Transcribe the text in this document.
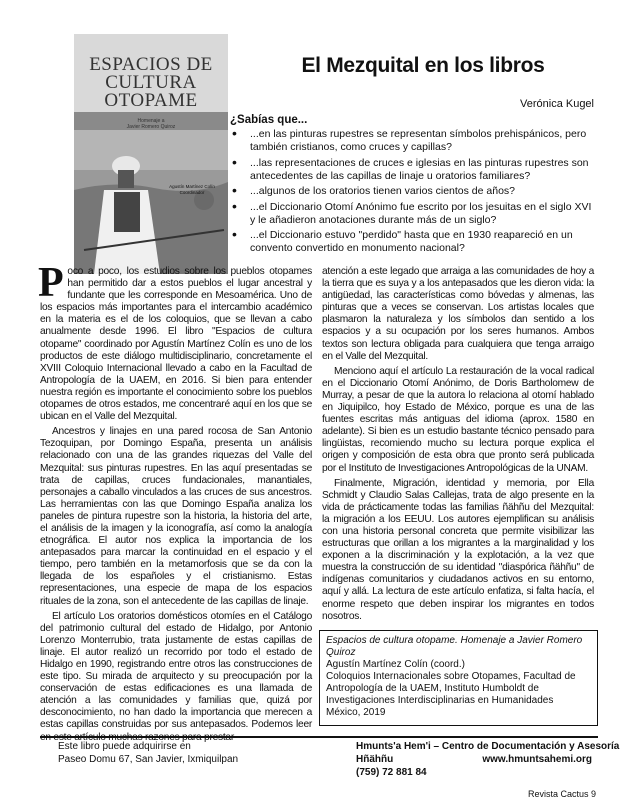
ESPACIOS DE CULTURA OTOPAME
Homenaje a
Javier Romero Quiroz
Agustín Martínez Colín
Coordinador
El Mezquital en los libros
Verónica Kugel
¿Sabías que...
• ...en las pinturas rupestres se representan símbolos prehispánicos, pero también cristianos, como cruces y capillas?
• ...las representaciones de cruces e iglesias en las pinturas rupestres son antecedentes de las capillas de linaje u oratorios familiares?
• ...algunos de los oratorios tienen varios cientos de años?
• ...el Diccionario Otomí Anónimo fue escrito por los jesuitas en el siglo XVI y le añadieron anotaciones durante más de un siglo?
• ...el Diccionario estuvo "perdido" hasta que en 1930 reapareció en un convento convertido en monumento nacional?

Poco a poco, los estudios sobre los pueblos otopames han permitido dar a estos pueblos el lugar ancestral y fundante que les corresponde en Mesoamérica. Uno de los espacios más importantes para el intercambio académico en la materia es el de los coloquios, que se llevan a cabo anualmente desde 1996. El libro "Espacios de cultura otopame" coordinado por Agustín Martínez Colín es uno de los productos de este diálogo multidisciplinario, concretamente el XVIII Coloquio Internacional llevado a cabo en la Facultad de Antropología de la UAEM, en 2016. Si bien para entender nuestra región es importante el conocimiento sobre los pueblos otopames de otros estados, me concentraré aquí en los que se ubican en el Valle del Mezquital.

Ancestros y linajes en una pared rocosa de San Antonio Tezoquipan, por Domingo España, presenta un análisis relacionado con una de las grandes riquezas del Valle del Mezquital: sus pinturas rupestres. En las aquí presentadas se trata de capillas, cruces fundacionales, manantiales, personajes a caballo vinculados a las cruces de sus ancestros. Las herramientas con las que Domingo España analiza los paneles de pintura rupestre son la historia, la historia del arte, el análisis de la imagen y la iconografía, así como la analogía etnográfica. El autor nos explica la importancia de los antepasados para marcar la continuidad en el espacio y el tiempo, pero también en la metamorfosis que se da con la llegada de los españoles y el cristianismo. Estas representaciones, una especie de mapa de los espacios rituales de la zona, son el antecedente de las capillas de linaje.

El artículo Los oratorios domésticos otomíes en el Catálogo del patrimonio cultural del estado de Hidalgo, por Antonio Lorenzo Monterrubio, trata justamente de estas capillas de linaje. El autor realizó un recorrido por todo el estado de Hidalgo en 1990, registrando entre otros las construcciones de este tipo. Su mirada de arquitecto y su preocupación por la conservación de estas edificaciones es una llamada de atención a las comunidades y familias que, quizá por desconocimiento, no han dado la importancia que merecen a estas capillas construidas por sus antepasados. Podemos leer en este artículo muchas razones para prestar

atención a este legado que arraiga a las comunidades de hoy a la tierra que es suya y a los antepasados que les dieron vida: la antigüedad, las características como bóvedas y almenas, las pinturas que a veces se conservan. Los artistas locales que plasmaron la naturaleza y los símbolos dan sentido a los espacios y a su ocupación por los seres humanos. Ambos textos son lectura obligada para cualquiera que tenga arraigo en el Valle del Mezquital.

Menciono aquí el artículo La restauración de la vocal radical en el Diccionario Otomí Anónimo, de Doris Bartholomew de Murray, a pesar de que la autora lo relaciona al otomí hablado en Jiquipilco, hoy Estado de México, porque es una de las fuentes escritas más antiguas del idioma (aprox. 1580 en adelante). Si bien es un estudio bastante técnico pensado para lingüistas, recomiendo mucho su lectura porque explica el origen y composición de esta obra que pronto será publicada por el Instituto de Investigaciones Antropológicas de la UNAM.

Finalmente, Migración, identidad y memoria, por Ella Schmidt y Claudio Salas Callejas, trata de algo presente en la vida de prácticamente todas las familias ñähñu del Mezquital: la migración a los EEUU. Los autores ejemplifican su análisis con una historia personal concreta que permite visibilizar las estructuras que orillan a los migrantes a la marginalidad y los exponen a la discriminación y la explotación, a la vez que muestra la construcción de su identidad "diaspórica ñähñu" de indígenas comunitarios y ciudadanos activos en su entorno, aquí y allá. La lectura de este artículo enfatiza, si falta hacía, el enorme respeto que deben inspirar los migrantes en todos nosotros.

Espacios de cultura otopame. Homenaje a Javier Romero Quiroz
Agustín Martínez Colín (coord.)
Coloquios Internacionales sobre Otopames, Facultad de Antropología de la UAEM, Instituto Humboldt de Investigaciones Interdisciplinarias en Humanidades
México, 2019
Este libro puede adquirirse en
Paseo Domu 67, San Javier, Ixmiquilpan
Hmunts'a Hem'i – Centro de Documentación y Asesoría Hñähñu
(759) 72 881 84
www.hmuntsahemi.org
Revista Cactus 9
